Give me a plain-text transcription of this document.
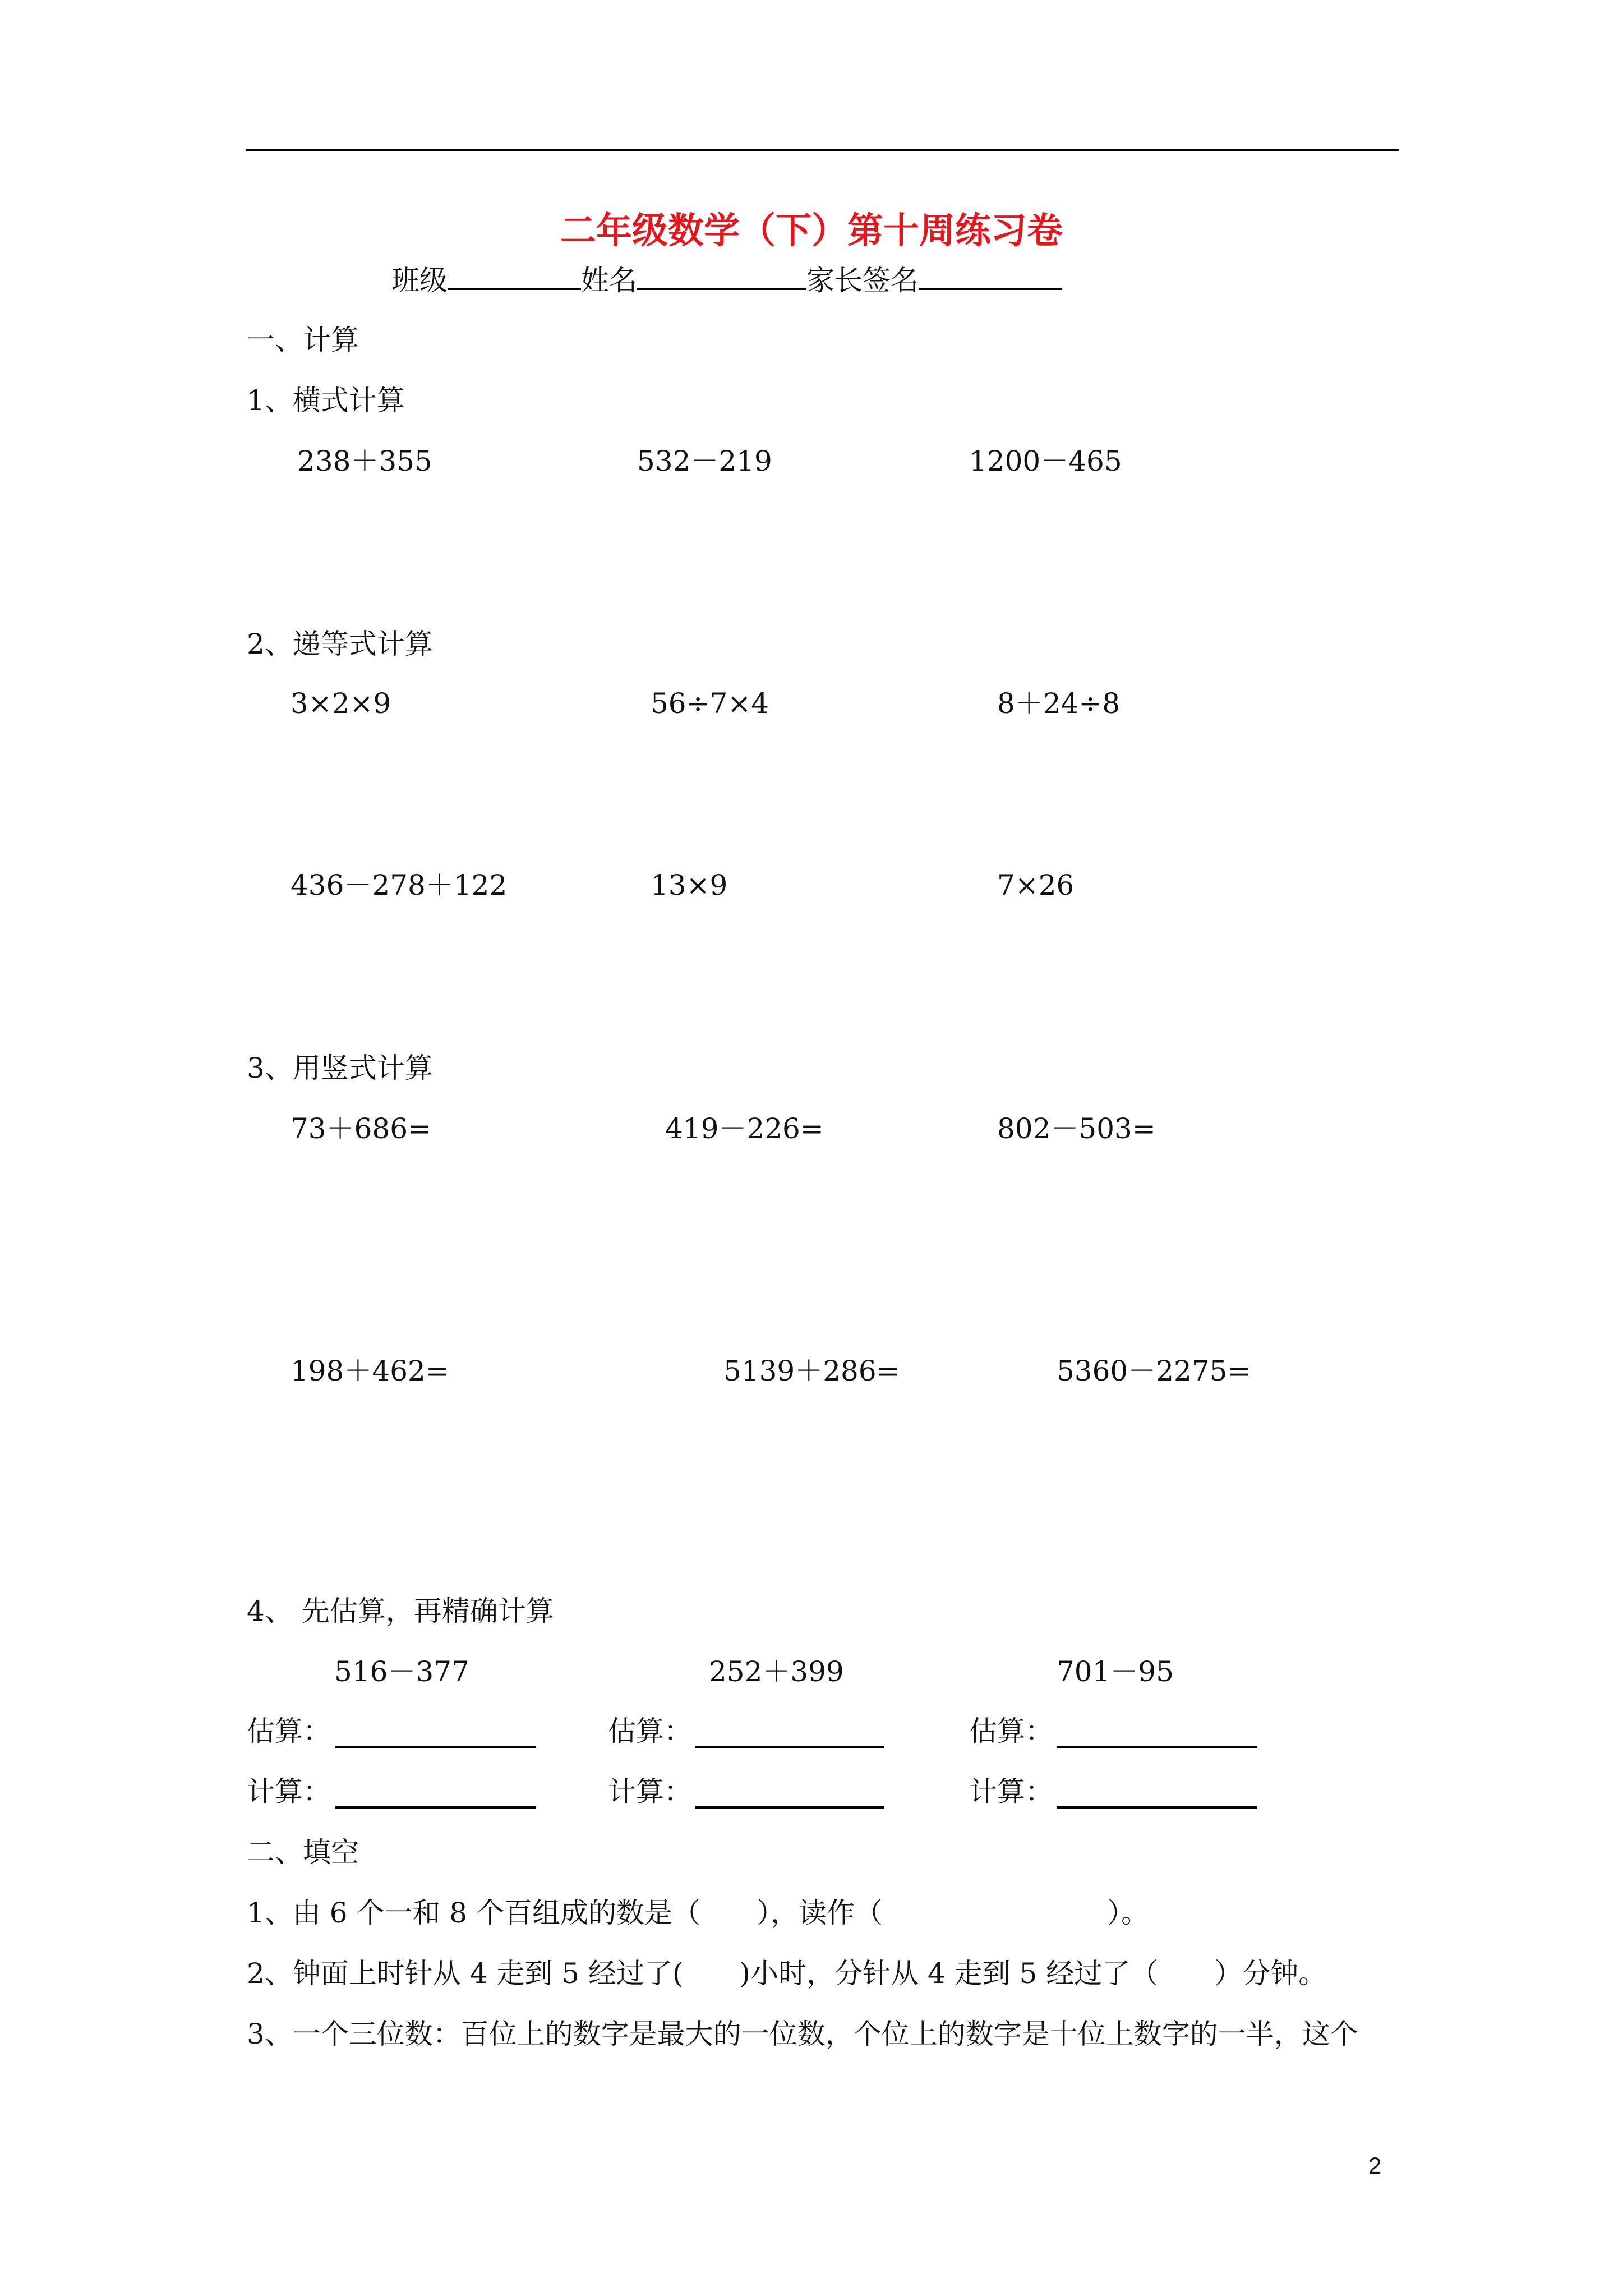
二年级数学（下）第十周练习卷
班级	姓名	家长签名
一、计算
1、横式计算
238＋355	532－219	1200－465
2、递等式计算
3×2×9	56÷7×4	8＋24÷8
436－278＋122	13×9	7×26
3、用竖式计算
73＋686=	419－226=	802－503=
198＋462=	5139＋286=	5360－2275=
4、 先估算，再精确计算
516－377	252＋399	701－95
估算：	估算：	估算：
计算：	计算：	计算：
二、填空
1、由 6 个一和 8 个百组成的数是（　　），读作（　　　　　　　　）。
2、钟面上时针从 4 走到 5 经过了(　　)小时，分针从 4 走到 5 经过了（　　）分钟。
3、一个三位数：百位上的数字是最大的一位数，个位上的数字是十位上数字的一半，这个
2
